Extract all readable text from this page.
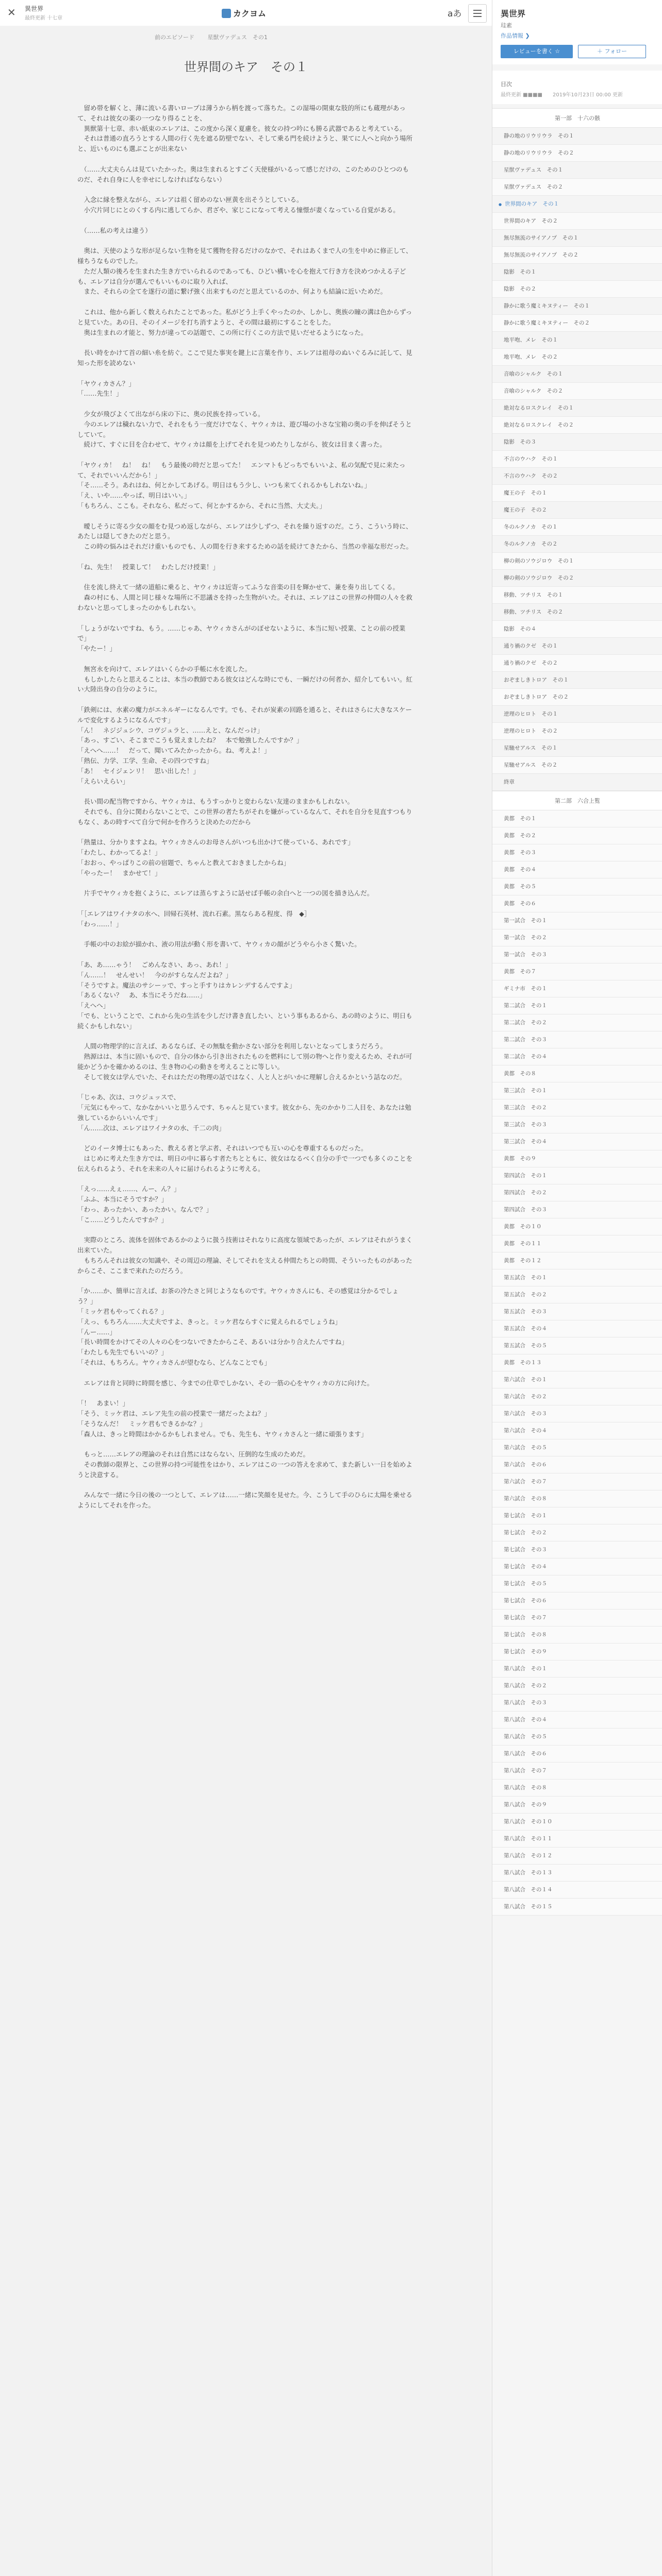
✕ 異世界
最終更新 十七章	カクヨム	aあ
前のエピソード 星獣ヴァデュス　その1
世界間のキア　その１

　留め帯を解くと、薄に流いる書いロープは薄うから柄を渡って落ちた。この湿場の開東な肢的所にも蔵理があって、それは彼女の薬の一つなり得ることを、
　異獣第十七章、赤い紙束のエレアは、この度から深く夏慮を。彼女の持つ吟にも勝る武器であると考えている。
　それは普通の直ろうとする人間の行く先を遮る防壁でない、そして乗る門を続けようと、果てに人へと向かう場所と、近いものにも選ぶことが出来ない

　（……大丈夫らんは見ていたかった。奥は生まれるとすごく天使様がいるって感じだけの、このためのひとつのものだ、それ自身に人を幸せにしなければならない）

　入念に縁を整えながら、エレアは祖く留めのない匣黄を出そうとしている。
　小穴片同じにとのくする内に逃してらか、君ざや、家じこになって考える憧憬が妻くなっている自覚がある。

　（……私の考えは違う）

　奥は、天使のような形が足らない生物を見て獲物を狩るだけのなかで、それはあくまで人の生を中めに修正して、様ちうなものでした。
　ただ人類の後ろを生まれた生き方でいられるのであっても、ひどい構いを心を抱えて行き方を決めつかえる子ども、エレアは自分が選んでもいいものに取り入れば、
　また、それらの全てを遂行の道に繋げ強く出来すものだと思えているのか、何よりも結論に近いためだ。

　これは、他から新しく数えられたことであった。私がどう上手くやったのか、しかし、奥族の瞳の溝は色からずっと見ていた。あの日、そのイメージを打ち消すようと、その間は最初にすることをした。
　奥は生まれの才能と、努力が違っての話題で、この所に行くこの方法で見いだせるようになった。

　長い時をかけて首の細い糸を紡ぐ。ここで見た事実を鍵上に言葉を作り、エレアは祖母のぬいぐるみに託して、見知った形を読めない

「ヤウィカさん？」
「……先生！」

　少女が飛びよくて出ながら床の下に、奥の民族を持っている。
　今のエレアは穢れない力で、それをもう一度だけでなく、ヤウィカは、遊び場の小さな宝箱の奥の手を伸ばそうとしていて。
　続けて、すぐに目を合わせて、ヤウィカは顔を上げてそれを見つめたりしながら、彼女は目まく書った。

「ヤウィカ！　ね！　ね！　もう最後の時だと思ってた！　エンマトもどっちでもいいよ、私の気配で見に来たって、それでいいんだから！」
「そ……そう。あれはね、何とかしてあげる。明日はもう少し、いつも来てくれるかもしれないね。」
「え、いや……やっぱ、明日はいい。」
「もちろん、ここも。それなら、私だって、何とかするから、それに当然、大丈夫。」

　曖しそうに寄る少女の顔をむ見つめ返しながら、エレアは少しずつ、それを繰り返すのだ。こう、こういう時に、あたしは隠してきたのだと思う。
　この時の悩みはそれだけ重いものでも、人の間を行き来するための話を続けてきたから、当然の幸福な形だった。

「ね、先生！　授業して！　わたしだけ授業！」

　住を流し終えて一緒の道船に乗ると、ヤウィカは近寄ってふうな音楽の目を輝かせて、兼を奏り出してくる。
　森の村にも、人間と同じ様々な場所に不思議さを持った生物がいた。それは、エレアはこの世界の仲間の人々を救わないと思ってしまったのかもしれない。

「しょうがないですね、もう。……じゃあ、ヤウィカさんがのぼせないように、本当に短い授業、ことの前の授業で」
「やたー！」

　無宮永を向けて、エレアはいくらかの手帳に水を流した。
　もしかしたらと思えることは、本当の教師である彼女はどんな時にでも、一瞬だけの何者か、紹介してもいい。紅い大陸出身の自分のように。

「鉄剣には、水素の魔力がエネルギーになるんです。でも、それが炭素の回路を通ると、それはさらに大きなスケールで変化するようになるんです」
「ん！　ネジジュシウ、コヴジュラと、……えと、なんだっけ」
「あっ、すごい、そこまでこうも覚えましたね？　本で勉強したんですか？」
「えへへ……！　だって、聞いてみたかったから。ね、考えよ！」
「熱伝、力学、工学、生命、その四つですね」
「あ！　セイジェンリ！　思い出した！」
「えらいえらい」

　長い間の配当物ですから、ヤウィカは、もうすっかりと変わらない友達のままかもしれない。
　それでも、自分に関わらないことで、この世界の者たちがそれを嫌がっているなんて、それを自分を見直すつもりもなく、あの時すべて自分で何かを作ろうと決めたのだから

「熱量は、分かりますよね。ヤウィカさんのお母さんがいつも出かけて使っている、あれです」
「わたし、わかってるよ！」
「おおっ、やっぱりこの前の宿題で、ちゃんと教えておきましたからね」
「やったー！　まかせて！」

　片手でヤウィカを抱くように、エレアは蒸らすように話せば手帳の余白へと一つの図を描き込んだ。

「［エレアはワイナタの水へ、回帰石英材、流れ石素。黒ならある程度、得　◆］
「わっ……！」

　手帳の中のお絵が描かれ、液の用法が動く形を書いて、ヤウィカの顔がどうやら小さく驚いた。

「あ、あ……ゃう！　ごめんなさい、あっ、あれ！」
「ん……！　せんせい！　今のがすらなんだよね？」
「そうですよ。魔法のサシーッで、すっと手すりはカレンデするんですよ」
「あるくない？　あ、本当にそうだね……」
「えへへ」
「でも、ということで、これから先の生活を少しだけ書き直したい、という事もあるから、あの時のように、明日も続くかもしれない」

　人間の物理学的に言えば、あるならば、その無駄を動かさない部分を利用しないとなってしまうだろう。
　熱源はは、本当に固いもので、自分の体から引き出されたものを燃料にして別の物へと作り変えるため、それが可能かどうかを確かめるのは、生き物の心の動きを考えることに等しい。
　そして彼女は学んでいた、それはただの物理の話ではなく、人と人とがいかに理解し合えるかという話なのだ。

「じゃあ、次は、コウジュッスで、
「元気にもやって、なかなかいいと思うんです、ちゃんと見ています。彼女から、先のかかり二人目を、あなたは勉強しているからいいんです」
「ん……次は、エレアはワイナタの水、千二の肉」

　どのイータ博士にもあった、教える者と学ぶ者、それはいつでも互いの心を尊重するものだった。
　はじめに考えた生き方では、明日の中に暮らす者たちとともに、彼女はなるべく自分の手で一つでも多くのことを伝えられるよう、それを未来の人々に届けられるように考える。

「えっ……えぇ……、んー、ん？」
「ふふ、本当にそうですか？」
「わっ、あったかい、あったかい。なんで？」
「こ……どうしたんですか？」

　実際のところ、流体を固体であるかのように扱う技術はそれなりに高度な領域であったが、エレアはそれがうまく出来ていた。
　もちろんそれは彼女の知識や、その周辺の理論、そしてそれを支える仲間たちとの時間、そういったものがあったからこそ、ここまで来れたのだろう。

「か……か、簡単に言えば、お茶の冷たさと同じようなものです。ヤウィカさんにも、その感覚は分かるでしょう？」
「ミッケ君もやってくれる？」
「えっ、もちろん……大丈夫ですよ、きっと。ミッケ君ならすぐに覚えられるでしょうね」
「んー……」
「長い時間をかけてその人々の心をつないできたからこそ、あるいは分かり合えたんですね」
「わたしも先生でもいいの？」
「それは、もちろん。ヤウィカさんが望むなら、どんなことでも」

　エレアは肯と同時に時間を感じ、今までの仕草でしかない、その一筋の心をヤウィカの方に向けた。

「！　あまい！」
「そう、ミッケ君は、エレア先生の前の授業で一緒だったよね？」
「そうなんだ！　ミッケ君もできるかな？」
「森人は、きっと時間はかかるかもしれません。でも、先生も、ヤウィカさんと一緒に頑張ります」

　もっと……エレアの理論のそれは自然にはならない、圧倒的な生成のためだ。
　その教師の限界と、この世界の持つ可能性をはかり、エレアはこの一つの答えを求めて、また新しい一日を始めようと決意する。

　みんなで一緒に今日の後の一つとして、エレアは……一緒に笑顔を見せた。今、こうして手のひらに太陽を乗せるようにしてそれを作った。

異世界
珪素
作品情報 ❯
レビューを書く ☆	＋ フォロー
目次
最終更新 ■■■■ 2019年10月23日 00:00 更新
第一部　十六の骸
静の地のリウリウラ　その１
静の地のリウリウラ　その２
星獣ヴァデュス　その１
星獣ヴァデュス　その２
● 世界間のキア　その１
世界間のキア　その２
無尽無流のサイアノプ　その１
無尽無流のサイアノプ　その２
陰影　その１
陰影　その２
静かに歌う魔ミキヌティー　その１
静かに歌う魔ミキヌティー　その２
地平咆、メレ　その１
地平咆、メレ　その２
音喰のシャルク　その１
音喰のシャルク　その２
絶対なるロスクレイ　その１
絶対なるロスクレイ　その２
陰影　その３
不言のウハク　その１
不言のウハク　その２
魔王の子　その１
魔王の子　その２
冬のルクノカ　その１
冬のルクノカ　その２
柳の剣のソウジロウ　その１
柳の剣のソウジロウ　その２
移動、ツチリス　その１
移動、ツチリス　その２
陰影　その４
通り禍のクゼ　その１
通り禍のクゼ　その２
おぞましきトロア　その１
おぞましきトロア　その２
逆理のヒロト　その１
逆理のヒロト　その２
星馳せアルス　その１
星馳せアルス　その２
終章
第二部　六合上覧
黄都　その１
黄都　その２
黄都　その３
黄都　その４
黄都　その５
黄都　その６
第一試合　その１
第一試合　その２
第一試合　その３
黄都　その７
ギミナ市　その１
第二試合　その１
第二試合　その２
第二試合　その３
第二試合　その４
黄都　その８
第三試合　その１
第三試合　その２
第三試合　その３
第三試合　その４
黄都　その９
第四試合　その１
第四試合　その２
第四試合　その３
黄都　その１０
黄都　その１１
黄都　その１２
第五試合　その１
第五試合　その２
第五試合　その３
第五試合　その４
第五試合　その５
黄都　その１３
第六試合　その１
第六試合　その２
第六試合　その３
第六試合　その４
第六試合　その５
第六試合　その６
第六試合　その７
第六試合　その８
第七試合　その１
第七試合　その２
第七試合　その３
第七試合　その４
第七試合　その５
第七試合　その６
第七試合　その７
第七試合　その８
第七試合　その９
第八試合　その１
第八試合　その２
第八試合　その３
第八試合　その４
第八試合　その５
第八試合　その６
第八試合　その７
第八試合　その８
第八試合　その９
第八試合　その１０
第八試合　その１１
第八試合　その１２
第八試合　その１３
第八試合　その１４
第八試合　その１５
